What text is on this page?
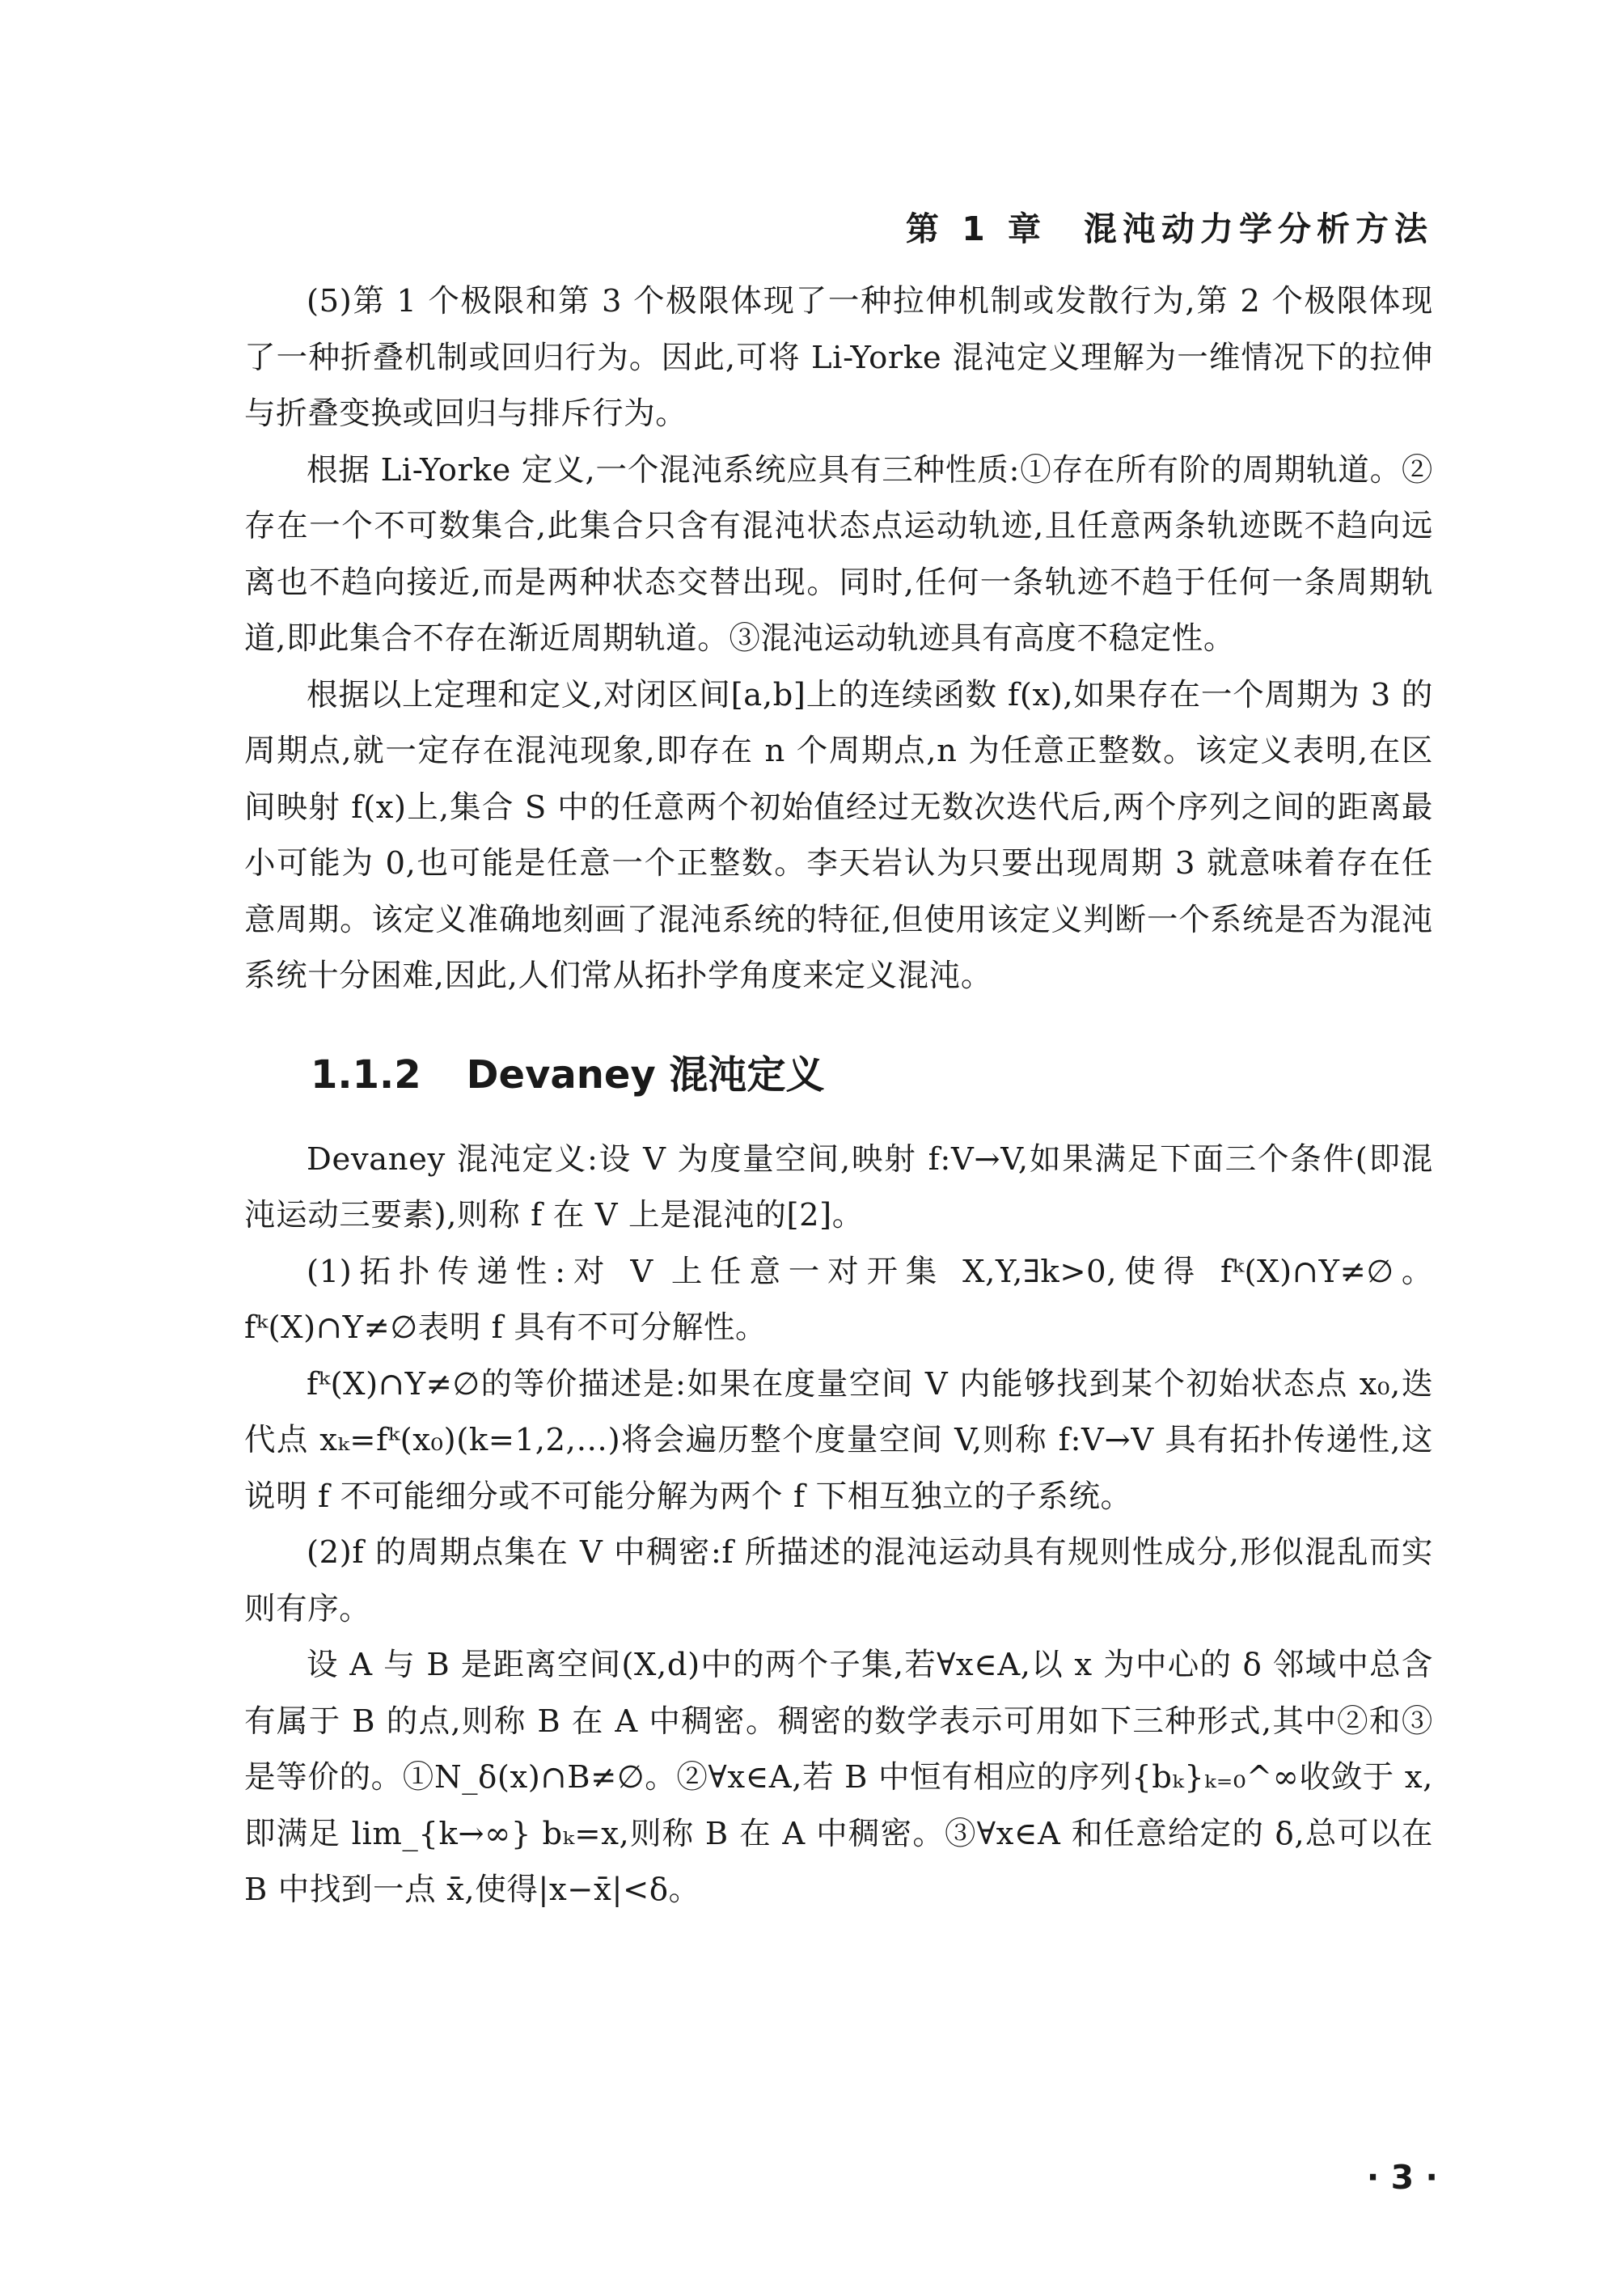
第 1 章 混沌动力学分析方法

(5)第 1 个极限和第 3 个极限体现了一种拉伸机制或发散行为,第 2 个极限体现了一种折叠机制或回归行为。因此,可将 Li-Yorke 混沌定义理解为一维情况下的拉伸与折叠变换或回归与排斥行为。

根据 Li-Yorke 定义,一个混沌系统应具有三种性质:①存在所有阶的周期轨道。②存在一个不可数集合,此集合只含有混沌状态点运动轨迹,且任意两条轨迹既不趋向远离也不趋向接近,而是两种状态交替出现。同时,任何一条轨迹不趋于任何一条周期轨道,即此集合不存在渐近周期轨道。③混沌运动轨迹具有高度不稳定性。

根据以上定理和定义,对闭区间[a,b]上的连续函数 f(x),如果存在一个周期为 3 的周期点,就一定存在混沌现象,即存在 n 个周期点,n 为任意正整数。该定义表明,在区间映射 f(x)上,集合 S 中的任意两个初始值经过无数次迭代后,两个序列之间的距离最小可能为 0,也可能是任意一个正整数。李天岩认为只要出现周期 3 就意味着存在任意周期。该定义准确地刻画了混沌系统的特征,但使用该定义判断一个系统是否为混沌系统十分困难,因此,人们常从拓扑学角度来定义混沌。

1.1.2 Devaney 混沌定义

Devaney 混沌定义:设 V 为度量空间,映射 f:V→V,如果满足下面三个条件(即混沌运动三要素),则称 f 在 V 上是混沌的[2]。

(1)拓扑传递性:对 V 上任意一对开集 X,Y,∃k>0,使得 fᵏ(X)∩Y≠∅。fᵏ(X)∩Y≠∅表明 f 具有不可分解性。

fᵏ(X)∩Y≠∅的等价描述是:如果在度量空间 V 内能够找到某个初始状态点 x₀,迭代点 xₖ=fᵏ(x₀)(k=1,2,…)将会遍历整个度量空间 V,则称 f:V→V 具有拓扑传递性,这说明 f 不可能细分或不可能分解为两个 f 下相互独立的子系统。

(2)f 的周期点集在 V 中稠密:f 所描述的混沌运动具有规则性成分,形似混乱而实则有序。

设 A 与 B 是距离空间(X,d)中的两个子集,若∀x∈A,以 x 为中心的 δ 邻域中总含有属于 B 的点,则称 B 在 A 中稠密。稠密的数学表示可用如下三种形式,其中②和③是等价的。①N_δ(x)∩B≠∅。②∀x∈A,若 B 中恒有相应的序列{bₖ}ₖ₌₀^∞收敛于 x,即满足 lim_{k→∞} bₖ=x,则称 B 在 A 中稠密。③∀x∈A 和任意给定的 δ,总可以在 B 中找到一点 x̄,使得|x−x̄|<δ。

· 3 ·
